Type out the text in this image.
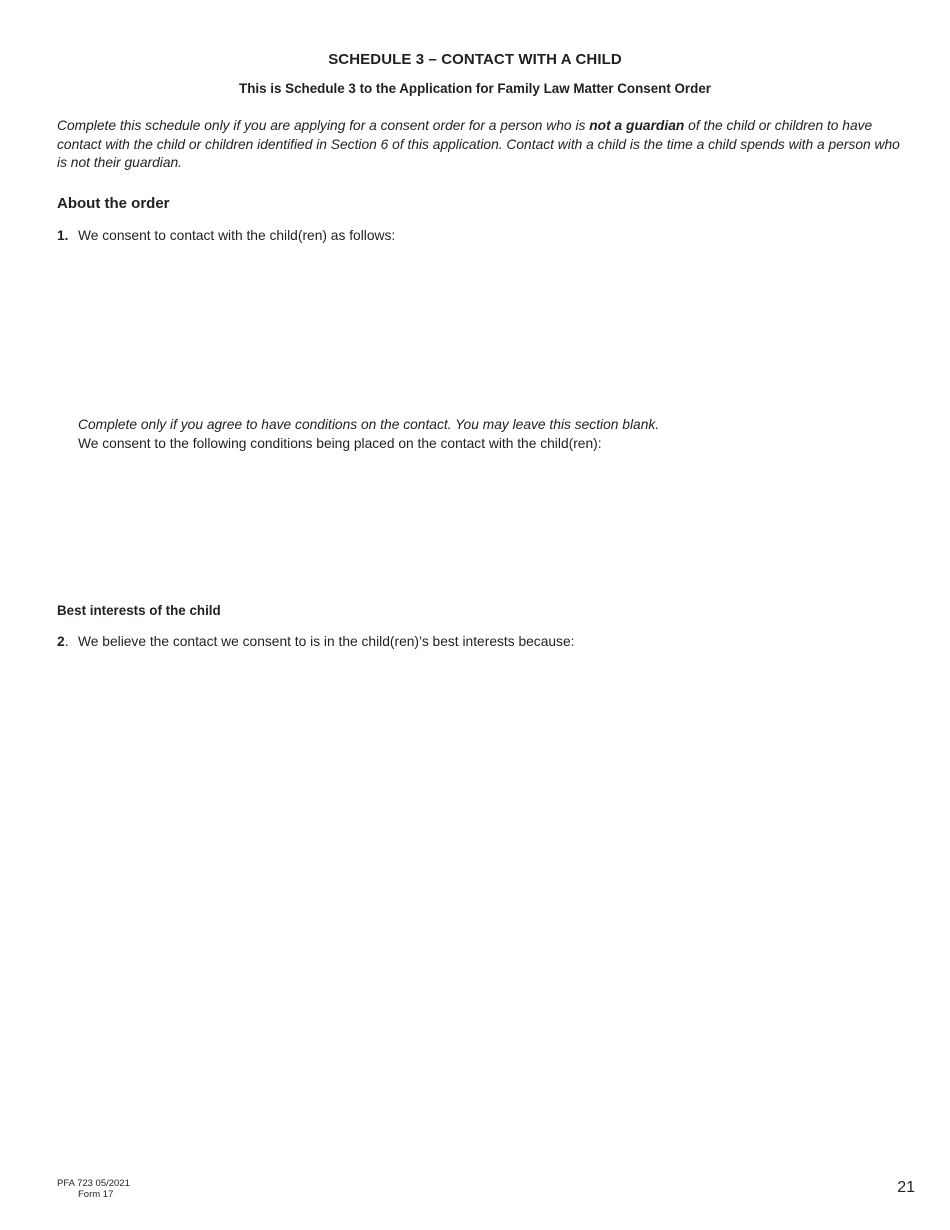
SCHEDULE 3 – CONTACT WITH A CHILD
This is Schedule 3 to the Application for Family Law Matter Consent Order
Complete this schedule only if you are applying for a consent order for a person who is not a guardian of the child or children to have contact with the child or children identified in Section 6 of this application. Contact with a child is the time a child spends with a person who is not their guardian.
About the order
1. We consent to contact with the child(ren) as follows:
Complete only if you agree to have conditions on the contact. You may leave this section blank.
We consent to the following conditions being placed on the contact with the child(ren):
Best interests of the child
2. We believe the contact we consent to is in the child(ren)’s best interests because:
PFA 723 05/2021
Form 17	21
